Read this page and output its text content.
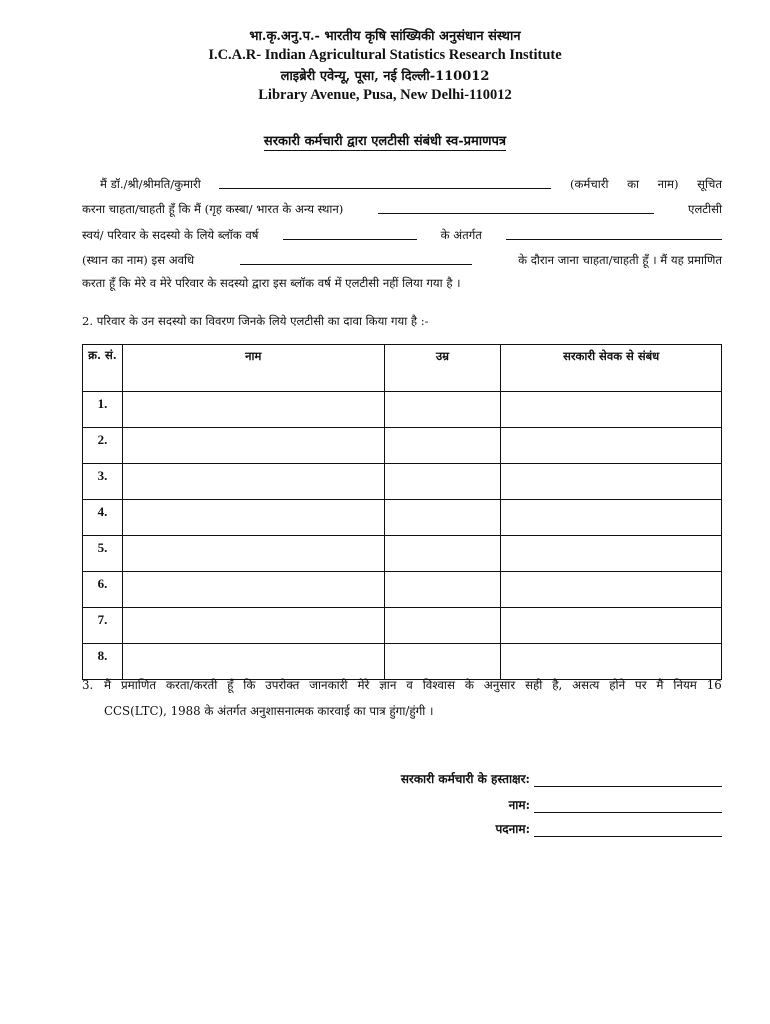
भा.कृ.अनु.प.- भारतीय कृषि सांख्यिकी अनुसंधान संस्थान
I.C.A.R- Indian Agricultural Statistics Research Institute
लाइब्रेरी एवेन्यू, पूसा, नई दिल्ली-110012
Library Avenue, Pusa, New Delhi-110012
सरकारी कर्मचारी द्वारा एलटीसी संबंधी स्व-प्रमाणपत्र
मैं डॉ./श्री/श्रीमति/कुमारी	(कर्मचारी का नाम) सूचित
करना चाहता/चाहती हूँ कि मैं (गृह कस्बा/ भारत के अन्य स्थान)	एलटीसी
स्वयं/ परिवार के सदस्यो के लिये ब्लॉक वर्ष	के अंतर्गत
(स्थान का नाम) इस अवधि	के दौरान जाना चाहता/चाहती हूँ । मैं यह प्रमाणित
करता हूँ कि मेरे व मेरे परिवार के सदस्यो द्वारा इस ब्लॉक वर्ष में एलटीसी नहीं लिया गया है ।
2. परिवार के उन सदस्यो का विवरण जिनके लिये एलटीसी का दावा किया गया है :-
क्र. सं.	नाम	उम्र	सरकारी सेवक से संबंध
1.			
2.			
3.			
4.			
5.			
6.			
7.			
8.			
3. मैं प्रमाणित करता/करती हूँ कि उपरोक्त जानकारी मेरे ज्ञान व विश्वास के अनुसार सही है, असत्य होने पर मैं नियम 16
CCS(LTC), 1988 के अंतर्गत अनुशासनात्मक कारवाई का पात्र हुंगा/हुंगी ।
सरकारी कर्मचारी के हस्ताक्षर:
नाम:
पदनाम:
